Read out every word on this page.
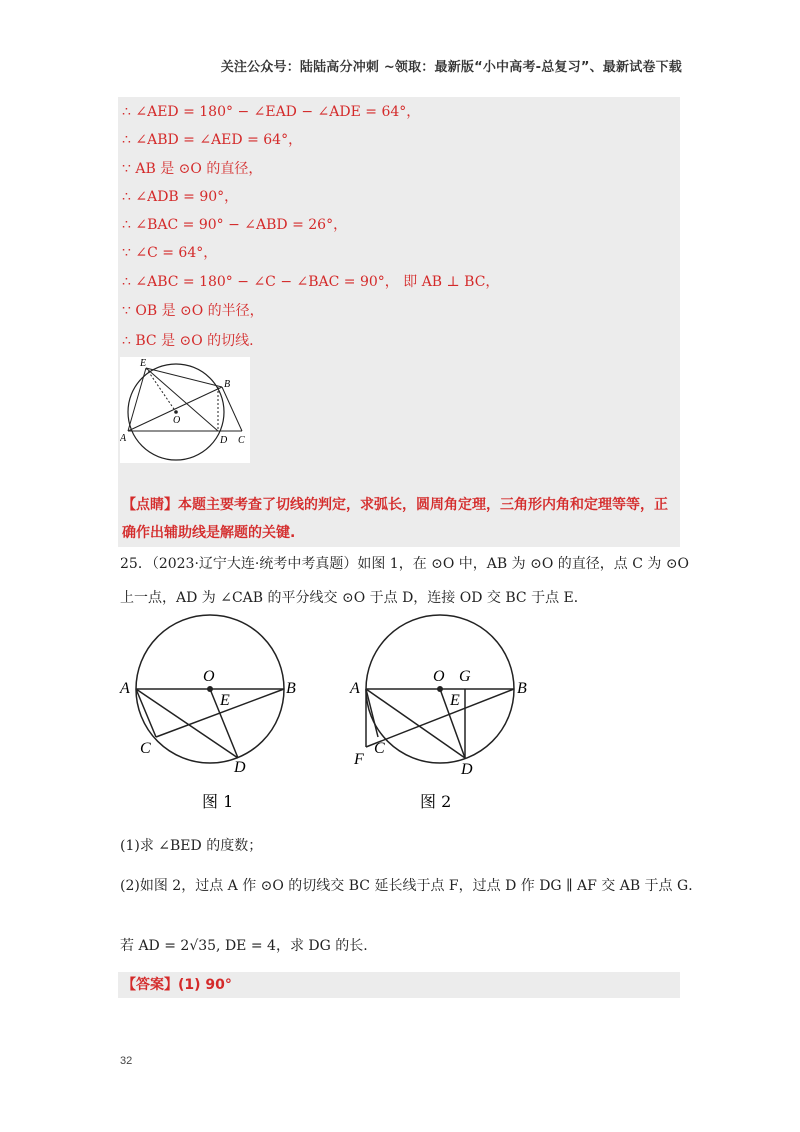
关注公众号：陆陆高分冲刺 ~领取：最新版“小中高考-总复习”、最新试卷下载
∴ ∠AED = 180° − ∠EAD − ∠ADE = 64°，
∴ ∠ABD = ∠AED = 64°，
∵ AB 是 ⊙O 的直径，
∴ ∠ADB = 90°，
∴ ∠BAC = 90° − ∠ABD = 26°，
∵ ∠C = 64°，
∴ ∠ABC = 180° − ∠C − ∠BAC = 90°， 即 AB ⊥ BC，
∵ OB 是 ⊙O 的半径，
∴ BC 是 ⊙O 的切线.
E
B
O
A	D C
【点睛】本题主要考查了切线的判定，求弧长，圆周角定理，三角形内角和定理等等，正
确作出辅助线是解题的关键.
25．（2023·辽宁大连·统考中考真题）如图 1，在 ⊙O 中，AB 为 ⊙O 的直径，点 C 为 ⊙O
上一点，AD 为 ∠CAB 的平分线交 ⊙O 于点 D，连接 OD 交 BC 于点 E．
A	B
O
E
C
D
图 1
A	B
O G
E
F
C
D
图 2
(1)求 ∠BED 的度数；
(2)如图 2，过点 A 作 ⊙O 的切线交 BC 延长线于点 F，过点 D 作 DG ∥ AF 交 AB 于点 G．
若 AD = 2√35, DE = 4，求 DG 的长.
【答案】(1) 90°
32
